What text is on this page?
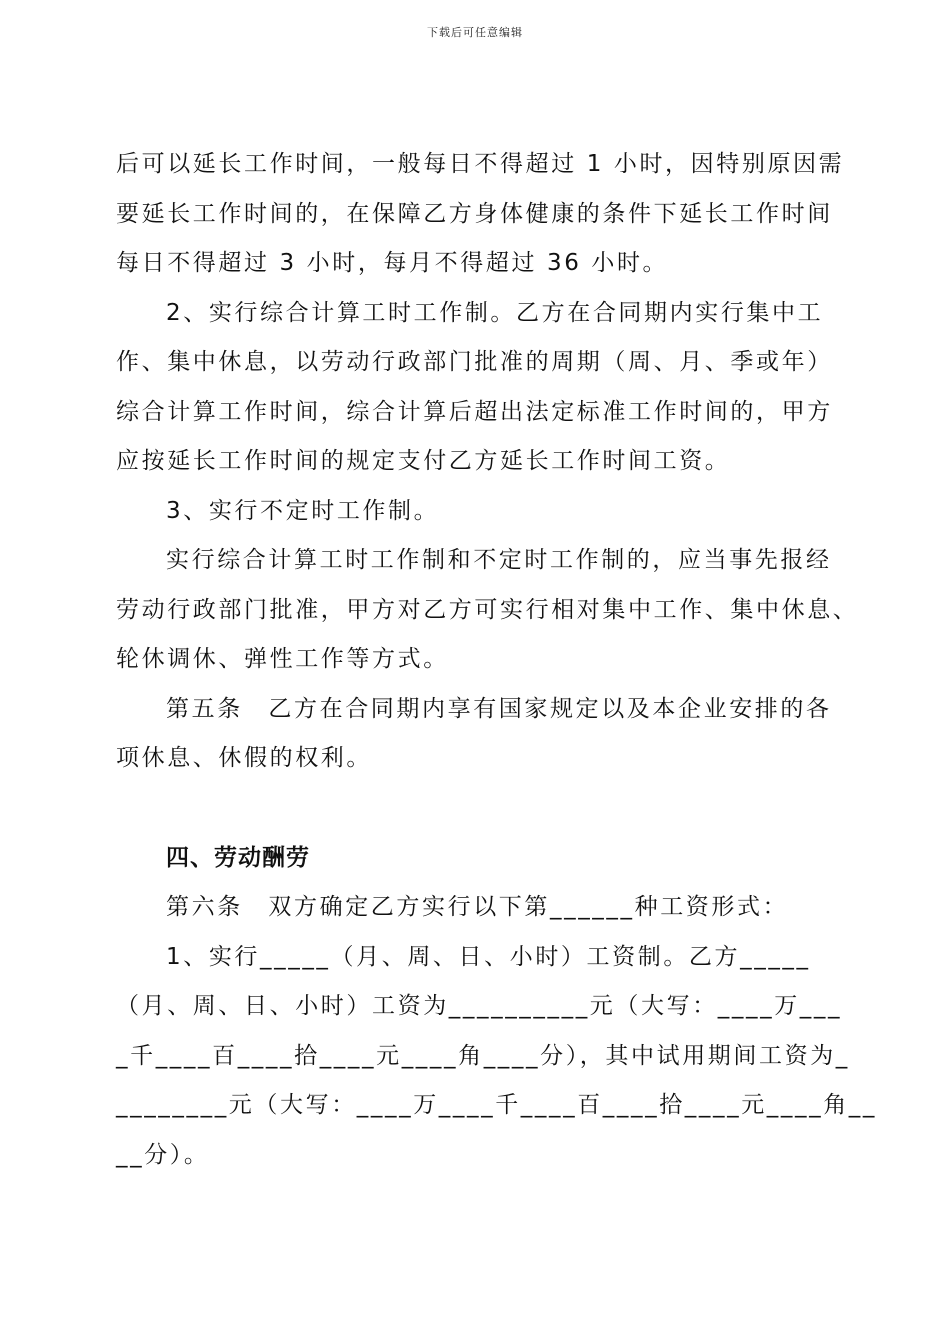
下载后可任意编辑
后可以延长工作时间，一般每日不得超过 1 小时，因特别原因需
要延长工作时间的，在保障乙方身体健康的条件下延长工作时间
每日不得超过 3 小时，每月不得超过 36 小时。
2、实行综合计算工时工作制。乙方在合同期内实行集中工
作、集中休息，以劳动行政部门批准的周期（周、月、季或年）
综合计算工作时间，综合计算后超出法定标准工作时间的，甲方
应按延长工作时间的规定支付乙方延长工作时间工资。
3、实行不定时工作制。
实行综合计算工时工作制和不定时工作制的，应当事先报经
劳动行政部门批准，甲方对乙方可实行相对集中工作、集中休息、
轮休调休、弹性工作等方式。
第五条　乙方在合同期内享有国家规定以及本企业安排的各
项休息、休假的权利。
四、劳动酬劳
第六条　双方确定乙方实行以下第______种工资形式：
1、实行_____（月、周、日、小时）工资制。乙方_____
（月、周、日、小时）工资为__________元（大写：____万___
_千____百____拾____元____角____分），其中试用期间工资为_
________元（大写：____万____千____百____拾____元____角__
__分）。
